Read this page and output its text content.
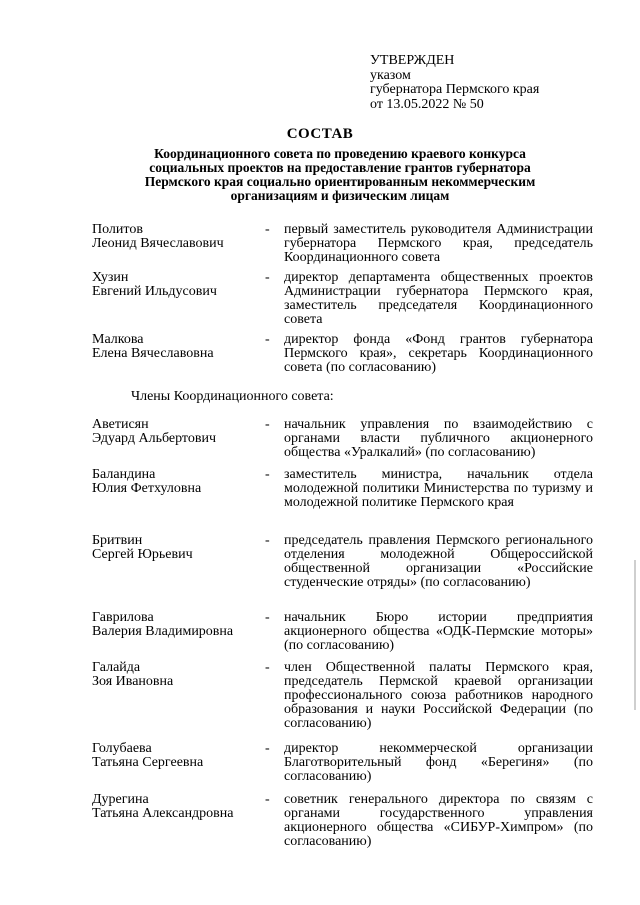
УТВЕРЖДЕН
указом
губернатора Пермского края
от 13.05.2022 № 50
СОСТАВ
Координационного совета по проведению краевого конкурса
социальных проектов на предоставление грантов губернатора
Пермского края социально ориентированным некоммерческим
организациям и физическим лицам
Политов
Леонид Вячеславович
- первый заместитель руководителя Администрации губернатора Пермского края, председатель Координационного совета
Хузин
Евгений Ильдусович
- директор департамента общественных проектов Администрации губернатора Пермского края, заместитель председателя Координационного совета
Малкова
Елена Вячеславовна
- директор фонда «Фонд грантов губернатора Пермского края», секретарь Координационного совета (по согласованию)
Члены Координационного совета:
Аветисян
Эдуард Альбертович
- начальник управления по взаимодействию с органами власти публичного акционерного общества «Уралкалий» (по согласованию)
Баландина
Юлия Фетхуловна
- заместитель министра, начальник отдела молодежной политики Министерства по туризму и молодежной политике Пермского края
Бритвин
Сергей Юрьевич
- председатель правления Пермского регионального отделения молодежной Общероссийской общественной организации «Российские студенческие отряды» (по согласованию)
Гаврилова
Валерия Владимировна
- начальник Бюро истории предприятия акционерного общества «ОДК-Пермские моторы» (по согласованию)
Галайда
Зоя Ивановна
- член Общественной палаты Пермского края, председатель Пермской краевой организации профессионального союза работников народного образования и науки Российской Федерации (по согласованию)
Голубаева
Татьяна Сергеевна
- директор некоммерческой организации Благотворительный фонд «Берегиня» (по согласованию)
Дурегина
Татьяна Александровна
- советник генерального директора по связям с органами государственного управления акционерного общества «СИБУР-Химпром» (по согласованию)
